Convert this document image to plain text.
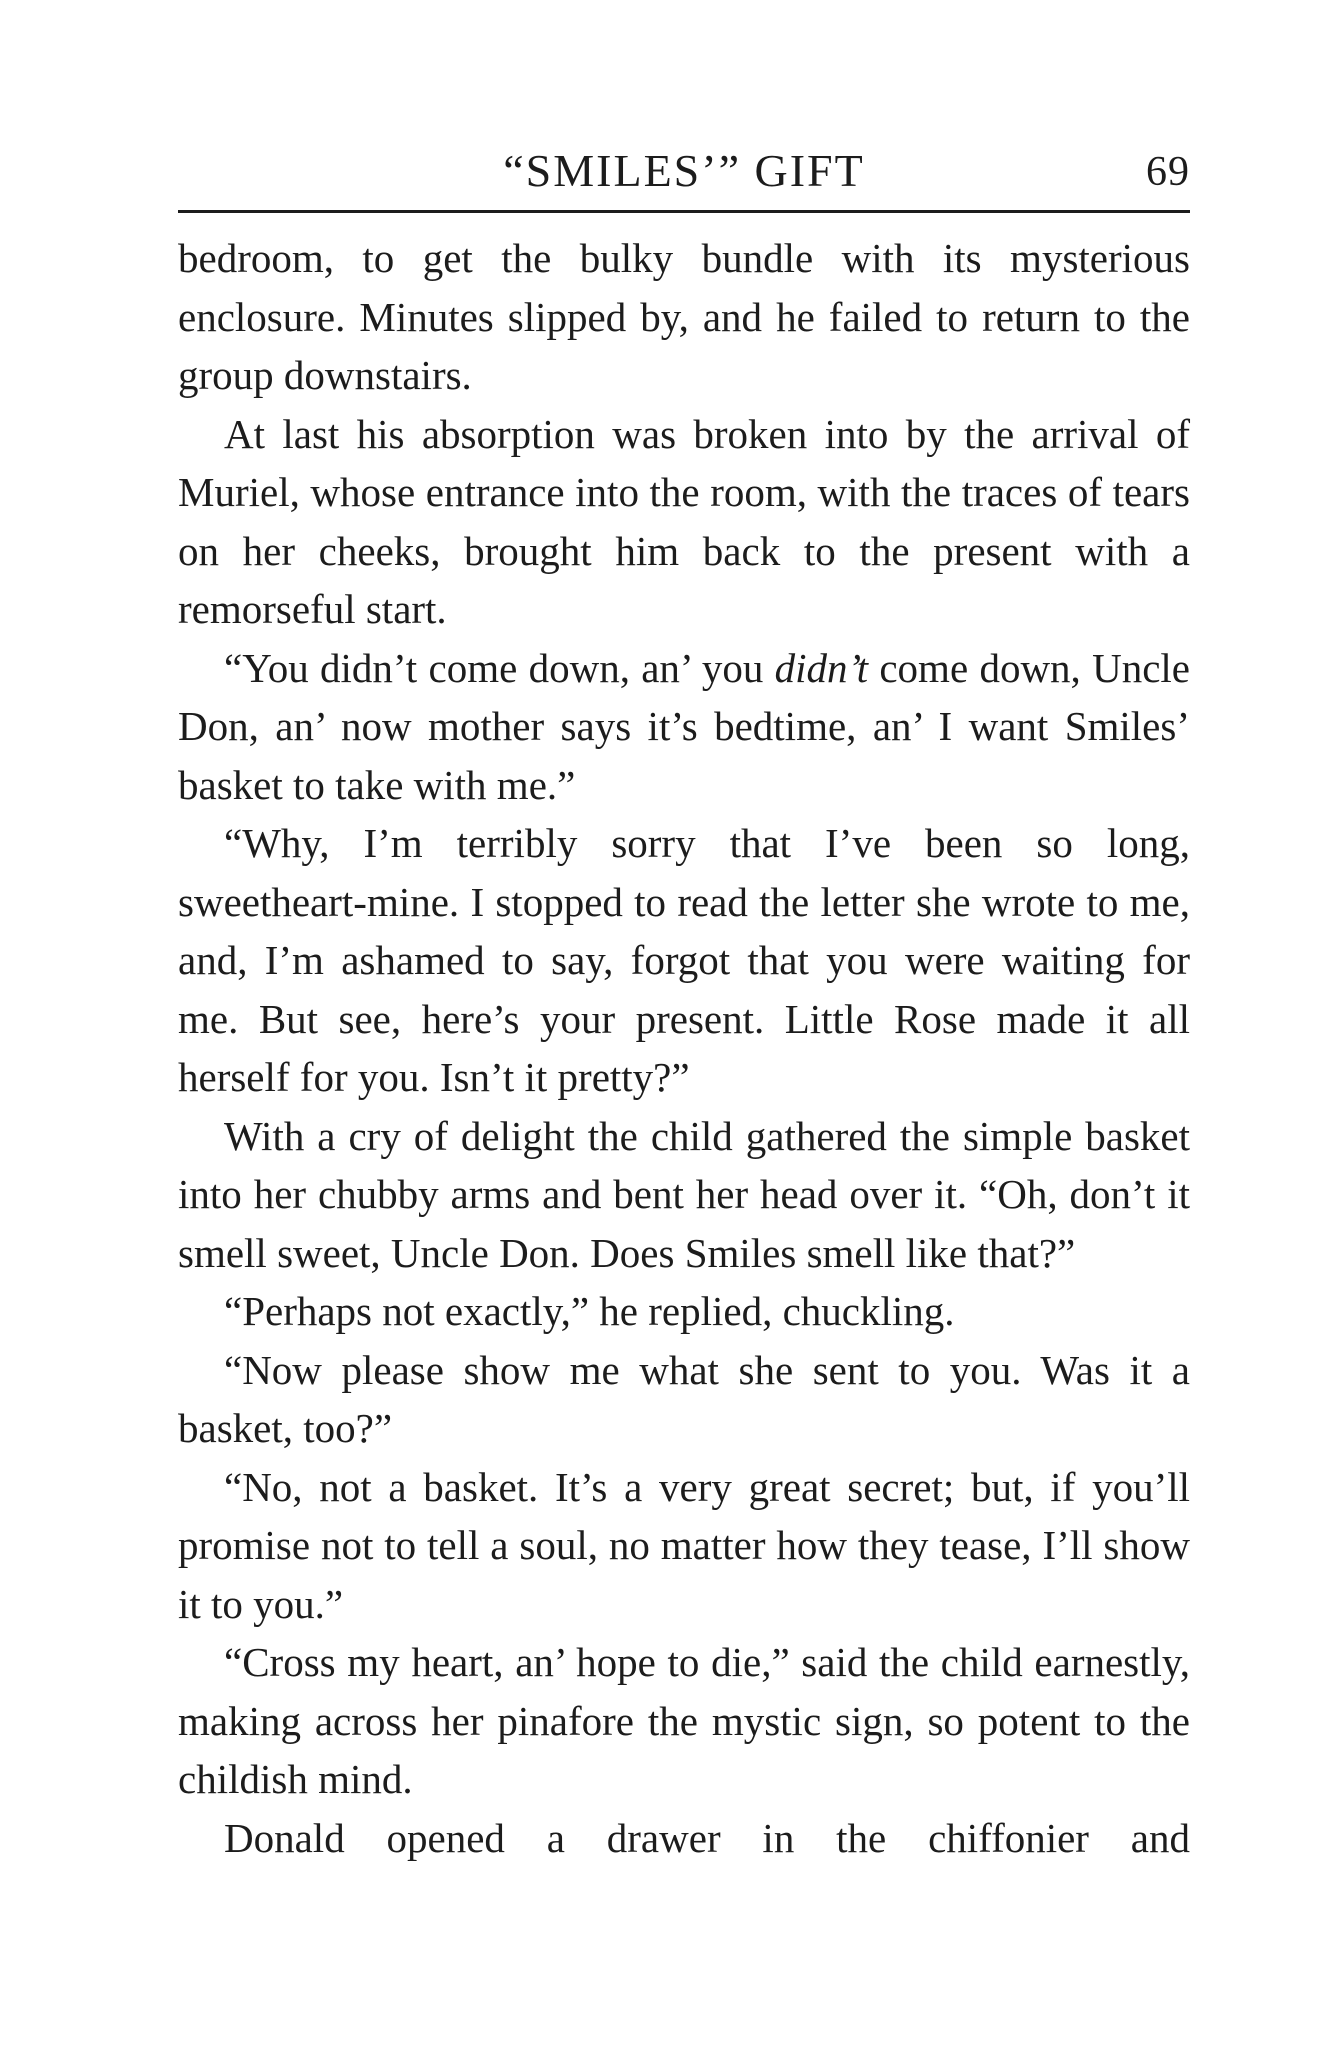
“SMILES’” GIFT	69

bedroom, to get the bulky bundle with its mysterious enclosure. Minutes slipped by, and he failed to return to the group downstairs.

At last his absorption was broken into by the arrival of Muriel, whose entrance into the room, with the traces of tears on her cheeks, brought him back to the present with a remorseful start.

“You didn’t come down, an’ you didn’t come down, Uncle Don, an’ now mother says it’s bedtime, an’ I want Smiles’ basket to take with me.”

“Why, I’m terribly sorry that I’ve been so long, sweetheart-mine. I stopped to read the letter she wrote to me, and, I’m ashamed to say, forgot that you were waiting for me. But see, here’s your present. Little Rose made it all herself for you. Isn’t it pretty?”

With a cry of delight the child gathered the simple basket into her chubby arms and bent her head over it. “Oh, don’t it smell sweet, Uncle Don. Does Smiles smell like that?”

“Perhaps not exactly,” he replied, chuckling.

“Now please show me what she sent to you. Was it a basket, too?”

“No, not a basket. It’s a very great secret; but, if you’ll promise not to tell a soul, no matter how they tease, I’ll show it to you.”

“Cross my heart, an’ hope to die,” said the child earnestly, making across her pinafore the mystic sign, so potent to the childish mind.

Donald opened a drawer in the chiffonier and
